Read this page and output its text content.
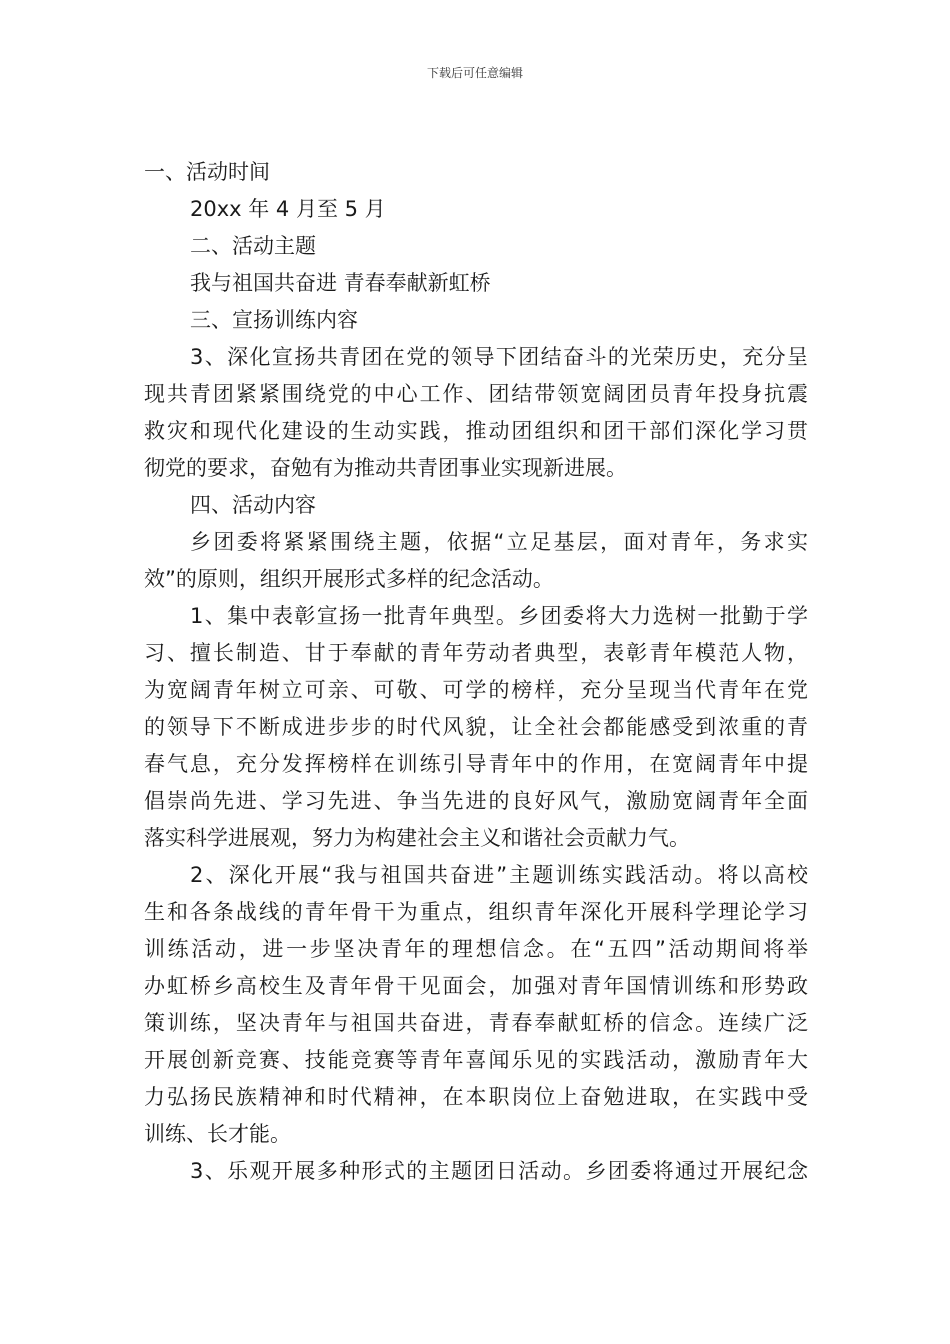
下载后可任意编辑
一、活动时间
20xx 年 4 月至 5 月
二、活动主题
我与祖国共奋进 青春奉献新虹桥
三、宣扬训练内容
3、深化宣扬共青团在党的领导下团结奋斗的光荣历史，充分呈
现共青团紧紧围绕党的中心工作、团结带领宽阔团员青年投身抗震
救灾和现代化建设的生动实践，推动团组织和团干部们深化学习贯
彻党的要求，奋勉有为推动共青团事业实现新进展。
四、活动内容
乡团委将紧紧围绕主题，依据“立足基层，面对青年，务求实
效”的原则，组织开展形式多样的纪念活动。
1、集中表彰宣扬一批青年典型。乡团委将大力选树一批勤于学
习、擅长制造、甘于奉献的青年劳动者典型，表彰青年模范人物，
为宽阔青年树立可亲、可敬、可学的榜样，充分呈现当代青年在党
的领导下不断成进步步的时代风貌，让全社会都能感受到浓重的青
春气息，充分发挥榜样在训练引导青年中的作用，在宽阔青年中提
倡崇尚先进、学习先进、争当先进的良好风气，激励宽阔青年全面
落实科学进展观，努力为构建社会主义和谐社会贡献力气。
2、深化开展“我与祖国共奋进”主题训练实践活动。将以高校
生和各条战线的青年骨干为重点，组织青年深化开展科学理论学习
训练活动，进一步坚决青年的理想信念。在“五四”活动期间将举
办虹桥乡高校生及青年骨干见面会，加强对青年国情训练和形势政
策训练，坚决青年与祖国共奋进，青春奉献虹桥的信念。连续广泛
开展创新竞赛、技能竞赛等青年喜闻乐见的实践活动，激励青年大
力弘扬民族精神和时代精神，在本职岗位上奋勉进取，在实践中受
训练、长才能。
3、乐观开展多种形式的主题团日活动。乡团委将通过开展纪念
